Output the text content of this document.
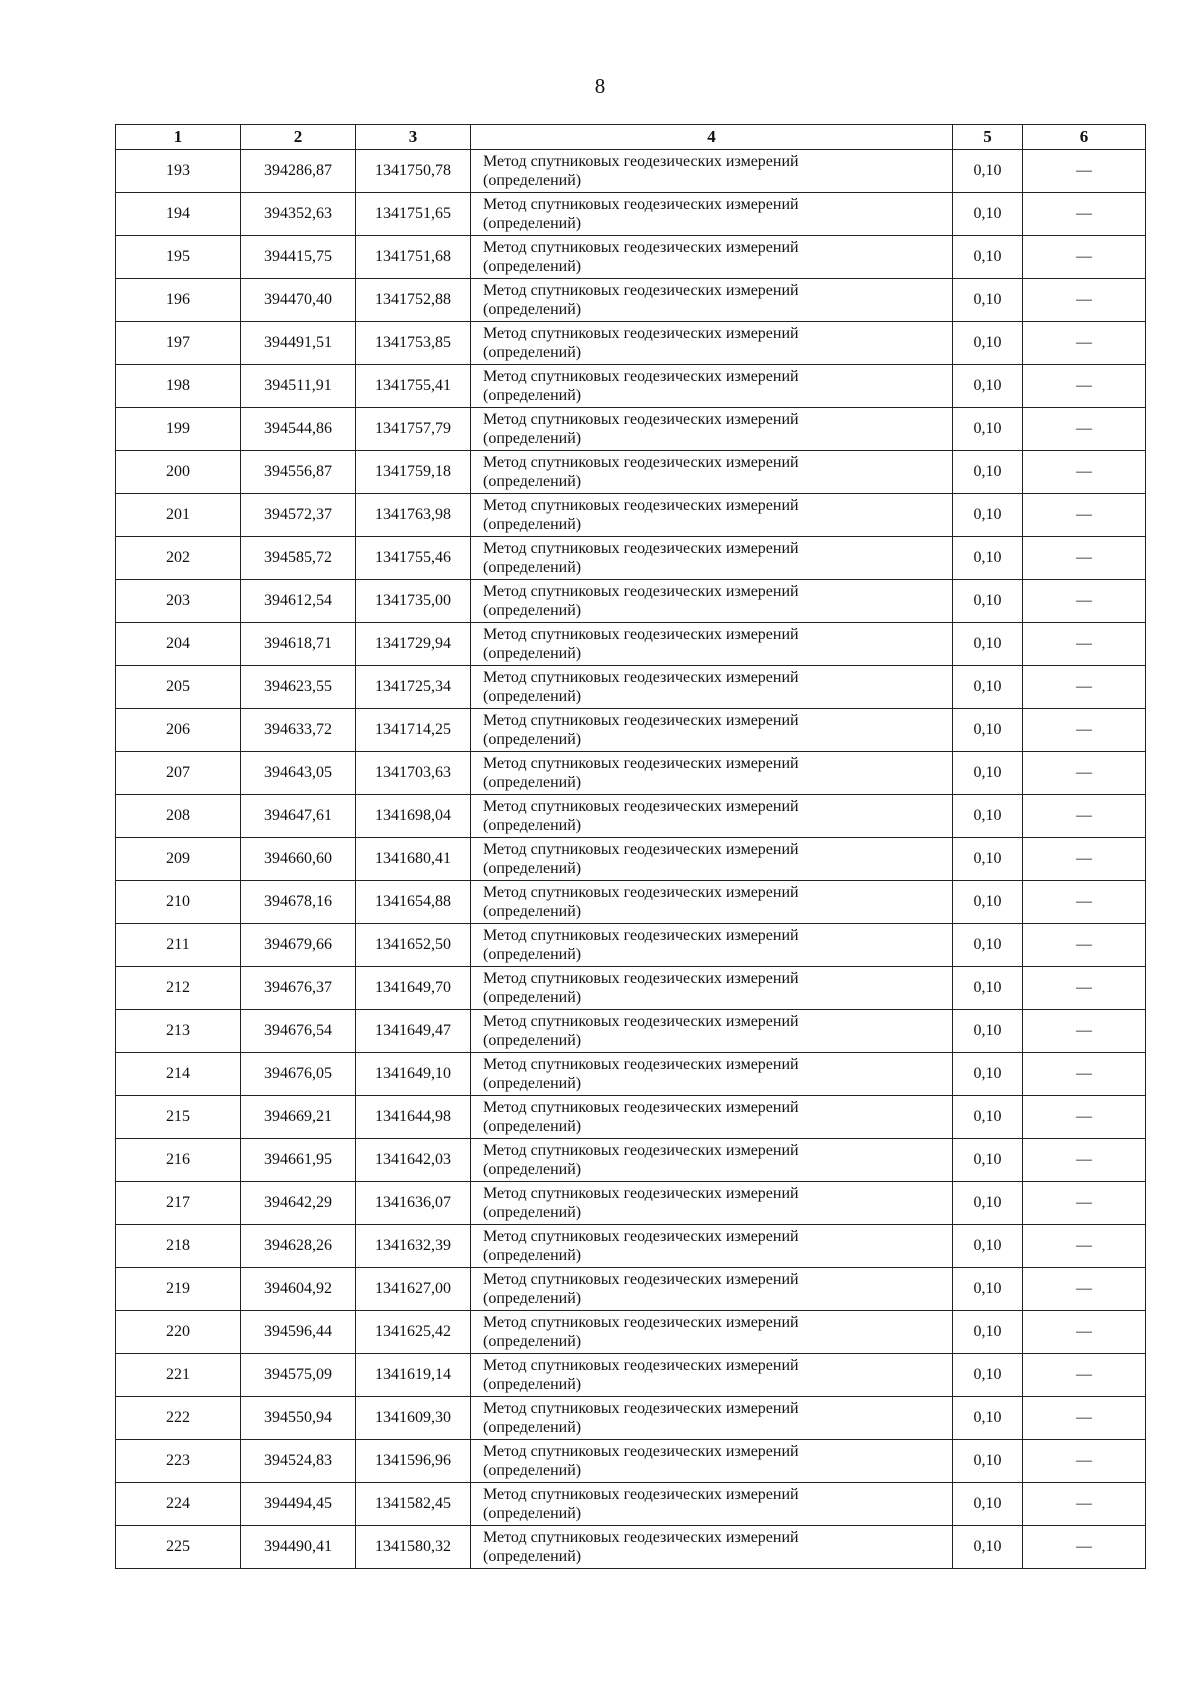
8
1	2	3	4	5	6
193	394286,87	1341750,78	Метод спутниковых геодезических измерений
(определений)	0,10	—
194	394352,63	1341751,65	Метод спутниковых геодезических измерений
(определений)	0,10	—
195	394415,75	1341751,68	Метод спутниковых геодезических измерений
(определений)	0,10	—
196	394470,40	1341752,88	Метод спутниковых геодезических измерений
(определений)	0,10	—
197	394491,51	1341753,85	Метод спутниковых геодезических измерений
(определений)	0,10	—
198	394511,91	1341755,41	Метод спутниковых геодезических измерений
(определений)	0,10	—
199	394544,86	1341757,79	Метод спутниковых геодезических измерений
(определений)	0,10	—
200	394556,87	1341759,18	Метод спутниковых геодезических измерений
(определений)	0,10	—
201	394572,37	1341763,98	Метод спутниковых геодезических измерений
(определений)	0,10	—
202	394585,72	1341755,46	Метод спутниковых геодезических измерений
(определений)	0,10	—
203	394612,54	1341735,00	Метод спутниковых геодезических измерений
(определений)	0,10	—
204	394618,71	1341729,94	Метод спутниковых геодезических измерений
(определений)	0,10	—
205	394623,55	1341725,34	Метод спутниковых геодезических измерений
(определений)	0,10	—
206	394633,72	1341714,25	Метод спутниковых геодезических измерений
(определений)	0,10	—
207	394643,05	1341703,63	Метод спутниковых геодезических измерений
(определений)	0,10	—
208	394647,61	1341698,04	Метод спутниковых геодезических измерений
(определений)	0,10	—
209	394660,60	1341680,41	Метод спутниковых геодезических измерений
(определений)	0,10	—
210	394678,16	1341654,88	Метод спутниковых геодезических измерений
(определений)	0,10	—
211	394679,66	1341652,50	Метод спутниковых геодезических измерений
(определений)	0,10	—
212	394676,37	1341649,70	Метод спутниковых геодезических измерений
(определений)	0,10	—
213	394676,54	1341649,47	Метод спутниковых геодезических измерений
(определений)	0,10	—
214	394676,05	1341649,10	Метод спутниковых геодезических измерений
(определений)	0,10	—
215	394669,21	1341644,98	Метод спутниковых геодезических измерений
(определений)	0,10	—
216	394661,95	1341642,03	Метод спутниковых геодезических измерений
(определений)	0,10	—
217	394642,29	1341636,07	Метод спутниковых геодезических измерений
(определений)	0,10	—
218	394628,26	1341632,39	Метод спутниковых геодезических измерений
(определений)	0,10	—
219	394604,92	1341627,00	Метод спутниковых геодезических измерений
(определений)	0,10	—
220	394596,44	1341625,42	Метод спутниковых геодезических измерений
(определений)	0,10	—
221	394575,09	1341619,14	Метод спутниковых геодезических измерений
(определений)	0,10	—
222	394550,94	1341609,30	Метод спутниковых геодезических измерений
(определений)	0,10	—
223	394524,83	1341596,96	Метод спутниковых геодезических измерений
(определений)	0,10	—
224	394494,45	1341582,45	Метод спутниковых геодезических измерений
(определений)	0,10	—
225	394490,41	1341580,32	Метод спутниковых геодезических измерений
(определений)	0,10	—
